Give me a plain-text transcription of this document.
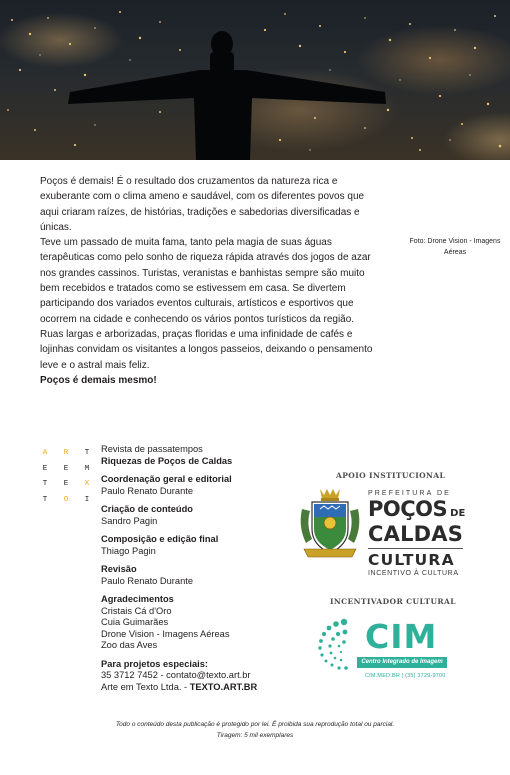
Foto: Drone Vision - Imagens Aéreas

Poços é demais! É o resultado dos cruzamentos da natureza rica e exuberante com o clima ameno e saudável, com os diferentes povos que aqui criaram raízes, de histórias, tradições e sabedorias diversificadas e únicas.

Teve um passado de muita fama, tanto pela magia de suas águas terapêuticas como pelo sonho de riqueza rápida através dos jogos de azar nos grandes cassinos. Turistas, veranistas e banhistas sempre são muito bem recebidos e tratados como se estivessem em casa. Se divertem participando dos variados eventos culturais, artísticos e esportivos que ocorrem na cidade e conhecendo os vários pontos turísticos da região.

Ruas largas e arborizadas, praças floridas e uma infinidade de cafés e lojinhas convidam os visitantes a longos passeios, deixando o pensamento leve e o astral mais feliz.

Poços é demais mesmo!

A	R	T
E	E	M
T	E	X
T	O	I
Revista de passatempos
Riquezas de Poços de Caldas
Coordenação geral e editorial
Paulo Renato Durante
Criação de conteúdo
Sandro Pagin
Composição e edição final
Thiago Pagin
Revisão
Paulo Renato Durante
Agradecimentos
Cristais Cá d'Oro
Cuia Guimarães
Drone Vision - Imagens Aéreas
Zoo das Aves
Para projetos especiais:
35 3712 7452 - contato@texto.art.br
Arte em Texto Ltda. - TEXTO.ART.BR
APOIO INSTITUCIONAL
PREFEITURA DE
POÇOS DE
CALDAS
CULTURA
INCENTIVO À CULTURA
INCENTIVADOR CULTURAL
CIM
Centro Integrado de Imagem
CIM.MED.BR | (35) 3729-9700
Todo o conteúdo desta publicação é protegido por lei. É proibida sua reprodução total ou parcial.
Tiragem: 5 mil exemplares
